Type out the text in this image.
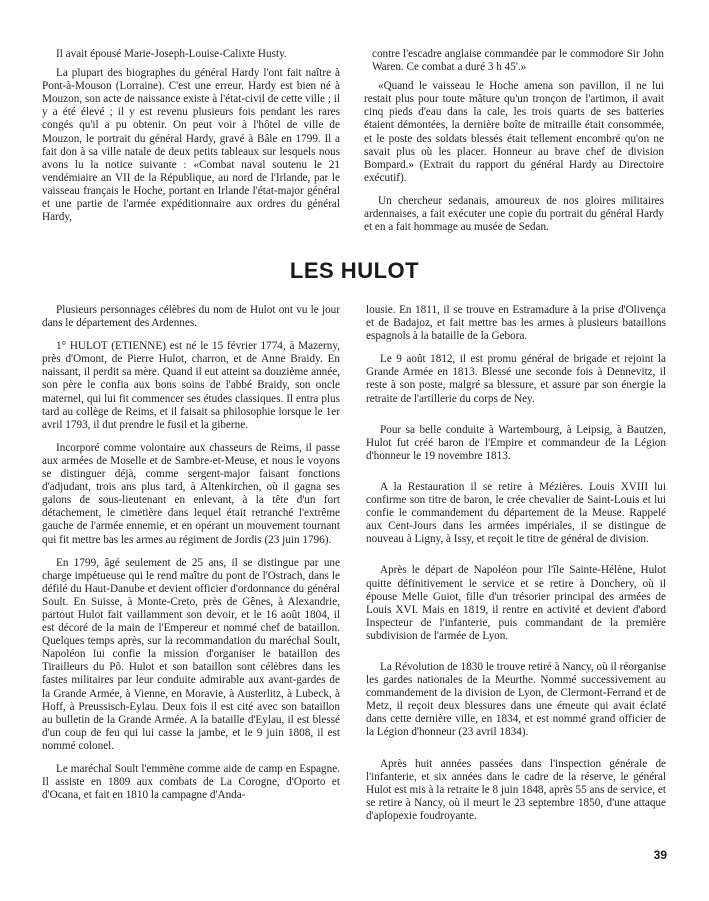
Il avait épousé Marie-Joseph-Louise-Calixte Husty.

La plupart des biographes du général Hardy l'ont fait naître à Pont-à-Mouson (Lorraine). C'est une erreur. Hardy est bien né à Mouzon, son acte de naissance existe à l'état-civil de cette ville ; il y a été élevé ; il y est revenu plusieurs fois pendant les rares congés qu'il a pu obtenir. On peut voir à l'hôtel de ville de Mouzon, le portrait du général Hardy, gravé à Bâle en 1799. Il a fait don à sa ville natale de deux petits tableaux sur lesquels nous avons lu la notice suivante : «Combat naval soutenu le 21 vendémiaire an VII de la République, au nord de l'Irlande, par le vaisseau français le Hoche, portant en Irlande l'état-major général et une partie de l'armée expéditionnaire aux ordres du général Hardy,

contre l'escadre anglaise commandée par le commodore Sir John Waren. Ce combat a duré 3 h 45'.»

«Quand le vaisseau le Hoche amena son pavillon, il ne lui restait plus pour toute mâture qu'un tronçon de l'artimon, il avait cinq pieds d'eau dans la cale, les trois quarts de ses batteries étaient démontées, la dernière boîte de mitraille était consommée, et le poste des soldats blessés était tellement encombré qu'on ne savait plus où les placer. Honneur au brave chef de division Bompard.» (Extrait du rapport du général Hardy au Directoire exécutif).

Un chercheur sedanais, amoureux de nos gloires militaires ardennaises, a fait exécuter une copie du portrait du général Hardy et en a fait hommage au musée de Sedan.

LES HULOT

Plusieurs personnages célèbres du nom de Hulot ont vu le jour dans le département des Ardennes.

1° HULOT (ETIENNE) est né le 15 février 1774, à Mazerny, près d'Omont, de Pierre Hulot, charron, et de Anne Braidy. En naissant, il perdit sa mère. Quand il eut atteint sa douzième année, son père le confia aux bons soins de l'abbé Braidy, son oncle maternel, qui lui fit commencer ses études classiques. Il entra plus tard au collège de Reims, et il faisait sa philosophie lorsque le 1er avril 1793, il dut prendre le fusil et la giberne.

Incorporé comme volontaire aux chasseurs de Reims, il passe aux armées de Moselle et de Sambre-et-Meuse, et nous le voyons se distinguer déjà, comme sergent-major faisant fonctions d'adjudant, trois ans plus tard, à Altenkirchen, où il gagna ses galons de sous-lieutenant en enlevant, à la tête d'un fort détachement, le cimetière dans lequel était retranché l'extrême gauche de l'armée ennemie, et en opérant un mouvement tournant qui fit mettre bas les armes au régiment de Jordis (23 juin 1796).

En 1799, âgé seulement de 25 ans, il se distingue par une charge impétueuse qui le rend maître du pont de l'Ostrach, dans le défilé du Haut-Danube et devient officier d'ordonnance du général Soult. En Suisse, à Monte-Creto, près de Gênes, à Alexandrie, partout Hulot fait vaillamment son devoir, et le 16 août 1804, il est décoré de la main de l'Empereur et nommé chef de bataillon. Quelques temps après, sur la recommandation du maréchal Soult, Napoléon lui confie la mission d'organiser le bataillon des Tirailleurs du Pô. Hulot et son bataillon sont célèbres dans les fastes militaires par leur conduite admirable aux avant-gardes de la Grande Armée, à Vienne, en Moravie, à Austerlitz, à Lubeck, à Hoff, à Preussisch-Eylau. Deux fois il est cité avec son bataillon au bulletin de la Grande Armée. A la bataille d'Eylau, il est blessé d'un coup de feu qui lui casse la jambe, et le 9 juin 1808, il est nommé colonel.

Le maréchal Soult l'emmène comme aide de camp en Espagne. Il assiste en 1809 aux combats de La Corogne, d'Oporto et d'Ocana, et fait en 1810 la campagne d'Anda-

lousie. En 1811, il se trouve en Estramadure à la prise d'Olivença et de Badajoz, et fait mettre bas les armes à plusieurs bataillons espagnols à la bataille de la Gebora.

Le 9 août 1812, il est promu général de brigade et rejoint la Grande Armée en 1813. Blessé une seconde fois à Dennevitz, il reste à son poste, malgré sa blessure, et assure par son énergie la retraite de l'artillerie du corps de Ney.

Pour sa belle conduite à Wartembourg, à Leipsig, à Bautzen, Hulot fut créé baron de l'Empire et commandeur de la Légion d'honneur le 19 novembre 1813.

A la Restauration il se retire à Mézières. Louis XVIII lui confirme son titre de baron, le crée chevalier de Saint-Louis et lui confie le commandement du département de la Meuse. Rappelé aux Cent-Jours dans les armées impériales, il se distingue de nouveau à Ligny, à Issy, et reçoit le titre de général de division.

Après le départ de Napoléon pour l'île Sainte-Hélène, Hulot quitte définitivement le service et se retire à Donchery, où il épouse Melle Guiot, fille d'un trésorier principal des armées de Louis XVI. Mais en 1819, il rentre en activité et devient d'abord Inspecteur de l'infanterie, puis commandant de la première subdivision de l'armée de Lyon.

La Révolution de 1830 le trouve retiré à Nancy, où il réorganise les gardes nationales de la Meurthe. Nommé successivement au commandement de la division de Lyon, de Clermont-Ferrand et de Metz, il reçoit deux blessures dans une émeute qui avait éclaté dans cette dernière ville, en 1834, et est nommé grand officier de la Légion d'honneur (23 avril 1834).

Après huit années passées dans l'inspection générale de l'infanterie, et six années dans le cadre de la réserve, le général Hulot est mis à la retraite le 8 juin 1848, après 55 ans de service, et se retire à Nancy, où il meurt le 23 septembre 1850, d'une attaque d'aplopexie foudroyante.

39
